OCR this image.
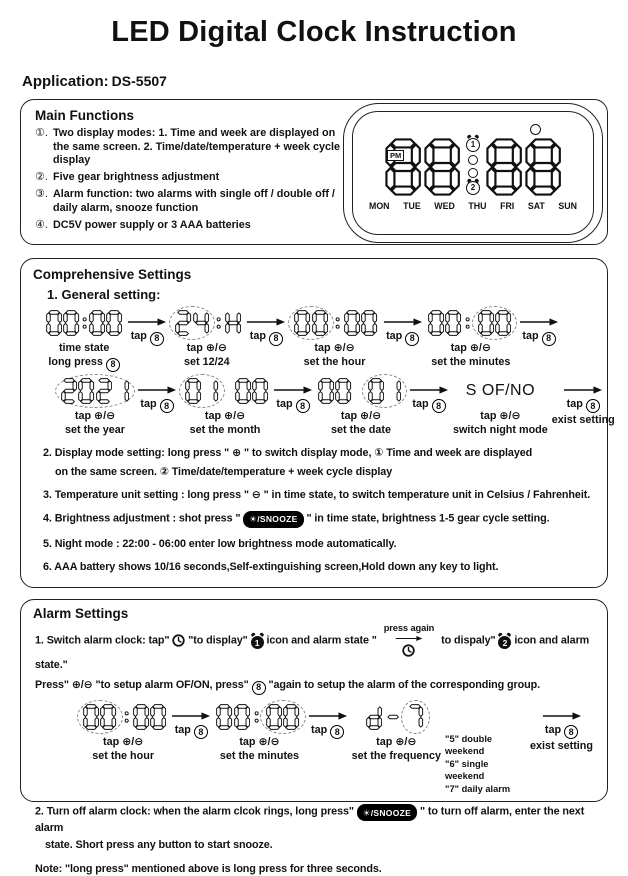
LED Digital Clock Instruction
Application: DS-5507
Main Functions
①. Two display modes: 1. Time and week are displayed on the same screen. 2. Time/date/temperature + week cycle display
②. Five gear brightness adjustment
③. Alarm function: two alarms with single off / double off / daily alarm, snooze function
④. DC5V power supply or 3 AAA batteries
PM
1
2
MON TUE WED THU FRI SAT SUN
Comprehensive Settings
1. General setting:
time state
long press 8
tap 8
tap ⊕/⊖
set 12/24
tap 8
tap ⊕/⊖
set the hour
tap 8
tap ⊕/⊖
set the minutes
tap 8
tap ⊕/⊖
set the year
tap 8
tap ⊕/⊖
set the month
tap 8
tap ⊕/⊖
set the date
tap 8
S OF/NO
tap ⊕/⊖
switch night mode
tap 8
exist setting

2. Display mode setting: long press " ⊕ " to switch display mode, ① Time and week are displayed

on the same screen. ② Time/date/temperature + week cycle display

3. Temperature unit setting : long press " ⊖ " in time state, to switch temperature unit in Celsius / Fahrenheit.

4. Brightness adjustment : shot press " ☀/SNOOZE " in time state, brightness 1-5 gear cycle setting.

5. Night mode : 22:00 - 06:00 enter low brightness mode automatically.

6. AAA battery shows 10/16 seconds,Self-extinguishing screen,Hold down any key to light.

Alarm Settings

1. Switch alarm clock: tap"  "to display" 1 icon and alarm state "
press again
to dispaly" 2 icon and alarm state."

Press" ⊕/⊖ "to setup alarm OF/ON, press" 8 "again to setup the alarm of the corresponding group.

tap ⊕/⊖
set the hour
tap 8
tap ⊕/⊖
set the minutes
tap 8
tap ⊕/⊖
set the frequency
"5" double weekend
"6" single weekend
"7" daily alarm
tap 8
exist setting

2. Turn off alarm clock: when the alarm clcok rings, long press" ☀/SNOOZE " to turn off alarm, enter the next alarm

state. Short press any button to start snooze.

Note: "long press" mentioned above is long press for three seconds.
